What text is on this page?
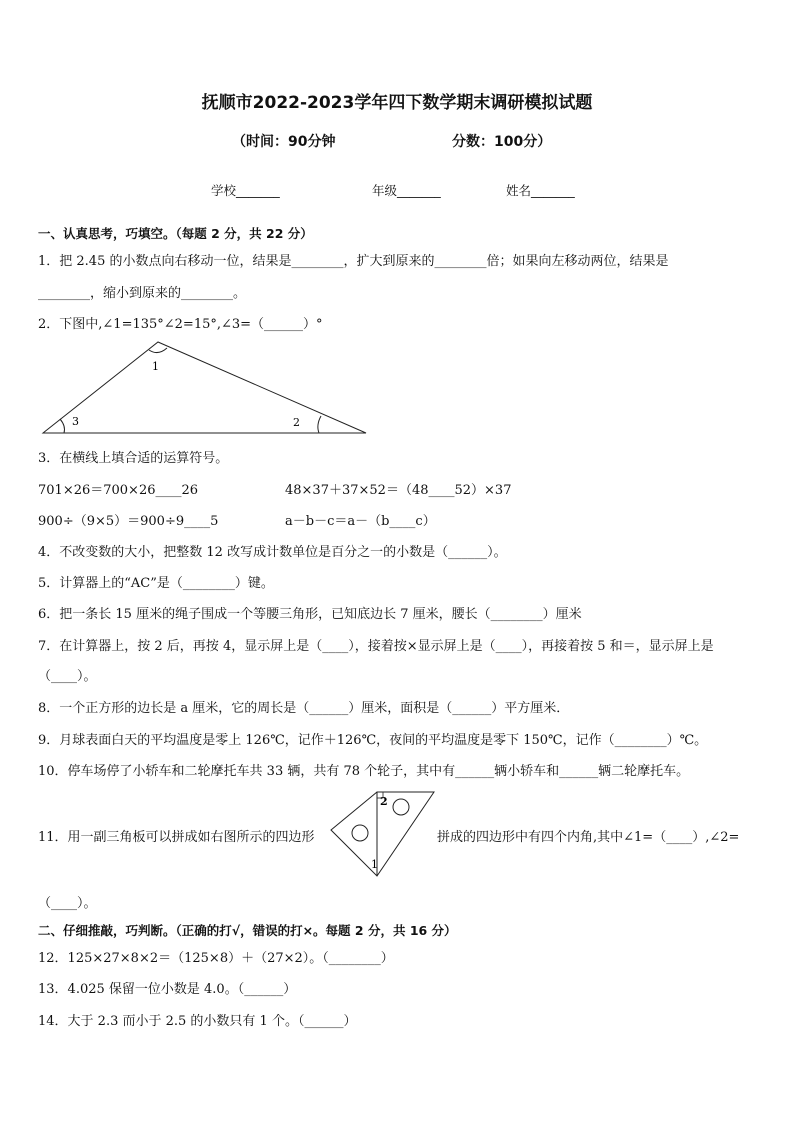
抚顺市2022-2023学年四下数学期末调研模拟试题
（时间：90分钟	分数：100分）
学校_______	年级_______	姓名_______
一、认真思考，巧填空。（每题 2 分，共 22 分）
1．把 2.45 的小数点向右移动一位，结果是________，扩大到原来的________倍；如果向左移动两位，结果是
________，缩小到原来的________。
2．下图中,∠1=135°∠2=15°,∠3=（______）°
1
2
3
3．在横线上填合适的运算符号。
701×26＝700×26____26	48×37＋37×52＝（48____52）×37
900÷（9×5）＝900÷9____5	a－b－c＝a－（b____c）
4．不改变数的大小，把整数 12 改写成计数单位是百分之一的小数是（______）。
5．计算器上的“AC”是（________）键。
6．把一条长 15 厘米的绳子围成一个等腰三角形，已知底边长 7 厘米，腰长（________）厘米
7．在计算器上，按 2 后，再按 4，显示屏上是（____），接着按×显示屏上是（____），再接着按 5 和＝，显示屏上是
（____）。
8．一个正方形的边长是 a 厘米，它的周长是（______）厘米，面积是（______）平方厘米．
9．月球表面白天的平均温度是零上 126℃，记作＋126℃，夜间的平均温度是零下 150℃，记作（________）℃。
10．停车场停了小轿车和二轮摩托车共 33 辆，共有 78 个轮子，其中有______辆小轿车和______辆二轮摩托车。
11．用一副三角板可以拼成如右图所示的四边形
2
1
拼成的四边形中有四个内角,其中∠1=（____）,∠2=
（____）。
二、仔细推敲，巧判断。（正确的打√，错误的打×。每题 2 分，共 16 分）
12．125×27×8×2＝（125×8）＋（27×2）。（________）
13．4.025 保留一位小数是 4.0。（______）
14．大于 2.3 而小于 2.5 的小数只有 1 个。（______）
